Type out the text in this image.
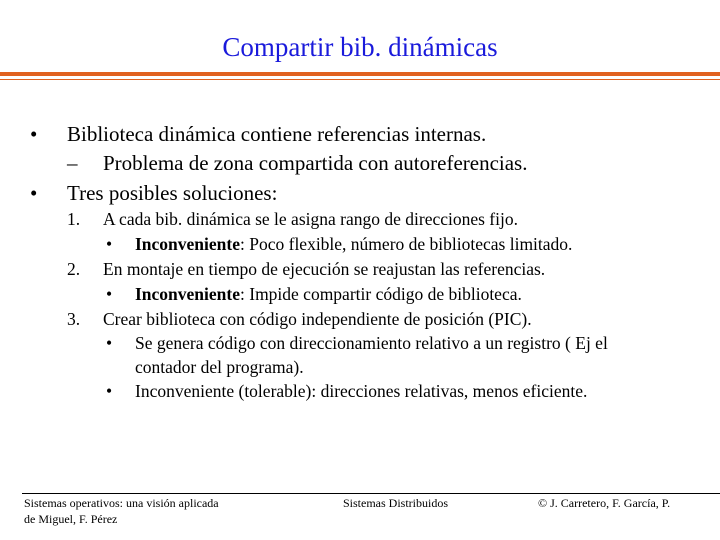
Compartir bib. dinámicas
• Biblioteca dinámica contiene referencias internas.
– Problema de zona compartida con autoreferencias.
• Tres posibles soluciones:
1. A cada bib. dinámica se le asigna rango de direcciones fijo.
• Inconveniente: Poco flexible, número de bibliotecas limitado.
2. En montaje en tiempo de ejecución se reajustan las referencias.
• Inconveniente: Impide compartir código de biblioteca.
3. Crear biblioteca con código independiente de posición (PIC).
• Se genera código con direccionamiento relativo a un registro ( Ej el
contador del programa).
• Inconveniente (tolerable): direcciones relativas, menos eficiente.
Sistemas operativos: una visión aplicada
de Miguel, F. Pérez
Sistemas Distribuidos	© J. Carretero, F. García, P.
